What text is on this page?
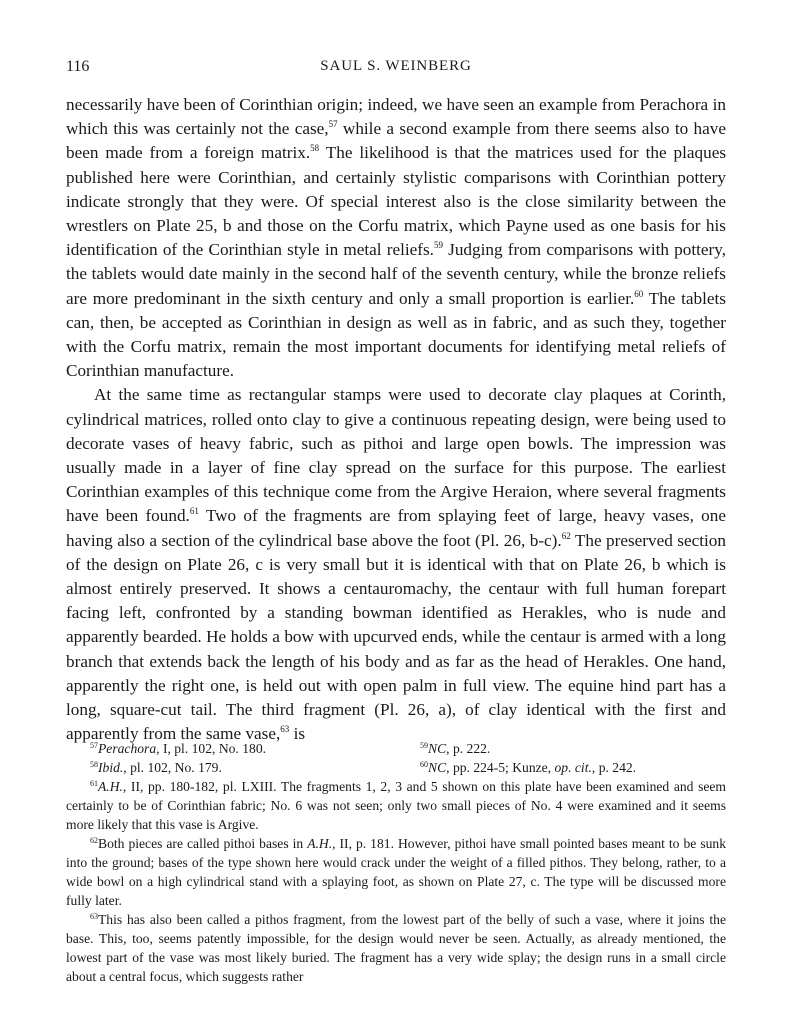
116	SAUL S. WEINBERG

necessarily have been of Corinthian origin; indeed, we have seen an example from Perachora in which this was certainly not the case,$^{57}$ while a second example from there seems also to have been made from a foreign matrix.$^{58}$ The likelihood is that the matrices used for the plaques published here were Corinthian, and certainly stylistic comparisons with Corinthian pottery indicate strongly that they were. Of special interest also is the close similarity between the wrestlers on Plate 25, b and those on the Corfu matrix, which Payne used as one basis for his identification of the Corinthian style in metal reliefs.$^{59}$ Judging from comparisons with pottery, the tablets would date mainly in the second half of the seventh century, while the bronze reliefs are more predominant in the sixth century and only a small proportion is earlier.$^{60}$ The tablets can, then, be accepted as Corinthian in design as well as in fabric, and as such they, together with the Corfu matrix, remain the most important documents for identifying metal reliefs of Corinthian manufacture.

At the same time as rectangular stamps were used to decorate clay plaques at Corinth, cylindrical matrices, rolled onto clay to give a continuous repeating design, were being used to decorate vases of heavy fabric, such as pithoi and large open bowls. The impression was usually made in a layer of fine clay spread on the surface for this purpose. The earliest Corinthian examples of this technique come from the Argive Heraion, where several fragments have been found.$^{61}$ Two of the fragments are from splaying feet of large, heavy vases, one having also a section of the cylindrical base above the foot (Pl. 26, b-c).$^{62}$ The preserved section of the design on Plate 26, c is very small but it is identical with that on Plate 26, b which is almost entirely preserved. It shows a centauromachy, the centaur with full human forepart facing left, confronted by a standing bowman identified as Herakles, who is nude and apparently bearded. He holds a bow with upcurved ends, while the centaur is armed with a long branch that extends back the length of his body and as far as the head of Herakles. One hand, apparently the right one, is held out with open palm in full view. The equine hind part has a long, square-cut tail. The third fragment (Pl. 26, a), of clay identical with the first and apparently from the same vase,$^{63}$ is

$^{57}$Perachora, I, pl. 102, No. 180.
$^{58}$Ibid., pl. 102, No. 179.
$^{59}$NC, p. 222.
$^{60}$NC, pp. 224-5; Kunze, op. cit., p. 242.

$^{61}$A.H., II, pp. 180-182, pl. LXIII. The fragments 1, 2, 3 and 5 shown on this plate have been examined and seem certainly to be of Corinthian fabric; No. 6 was not seen; only two small pieces of No. 4 were examined and it seems more likely that this vase is Argive.

$^{62}$Both pieces are called pithoi bases in A.H., II, p. 181. However, pithoi have small pointed bases meant to be sunk into the ground; bases of the type shown here would crack under the weight of a filled pithos. They belong, rather, to a wide bowl on a high cylindrical stand with a splaying foot, as shown on Plate 27, c. The type will be discussed more fully later.

$^{63}$This has also been called a pithos fragment, from the lowest part of the belly of such a vase, where it joins the base. This, too, seems patently impossible, for the design would never be seen. Actually, as already mentioned, the lowest part of the vase was most likely buried. The fragment has a very wide splay; the design runs in a small circle about a central focus, which suggests rather
